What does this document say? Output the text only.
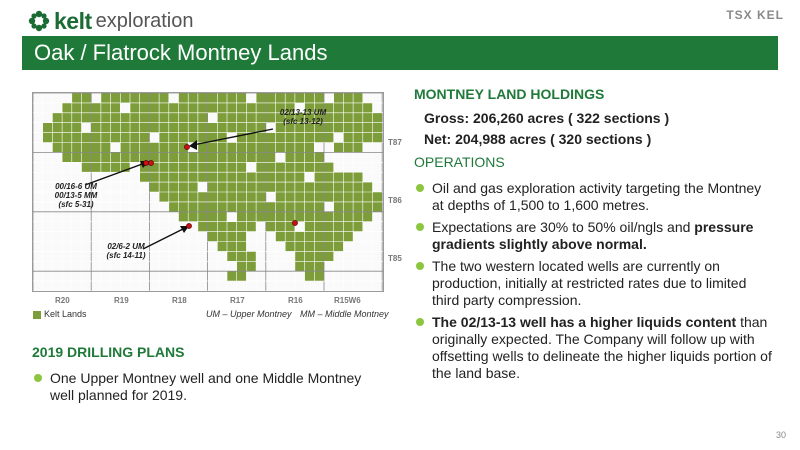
kelt exploration	TSX KEL
Oak / Flatrock Montney Lands
T87
T86
T85
R20	R19	R18	R17	R16	R15W6
02/13-13 UM
(sfc 13-12)
00/16-6 UM
00/13-5 MM
(sfc 5-31)
02/6-2 UM
(sfc 14-11)
Kelt Lands	UM – Upper Montney MM – Middle Montney
MONTNEY LAND HOLDINGS
Gross: 206,260 acres ( 322 sections )
Net: 204,988 acres ( 320 sections )
OPERATIONS
Oil and gas exploration activity targeting the Montney at depths of 1,500 to 1,600 metres.
Expectations are 30% to 50% oil/ngls and pressure gradients slightly above normal.
The two western located wells are currently on production, initially at restricted rates due to limited third party compression.
The 02/13-13 well has a higher liquids content than originally expected. The Company will follow up with offsetting wells to delineate the higher liquids portion of the land base.
2019 DRILLING PLANS
One Upper Montney well and one Middle Montney well planned for 2019.
30
